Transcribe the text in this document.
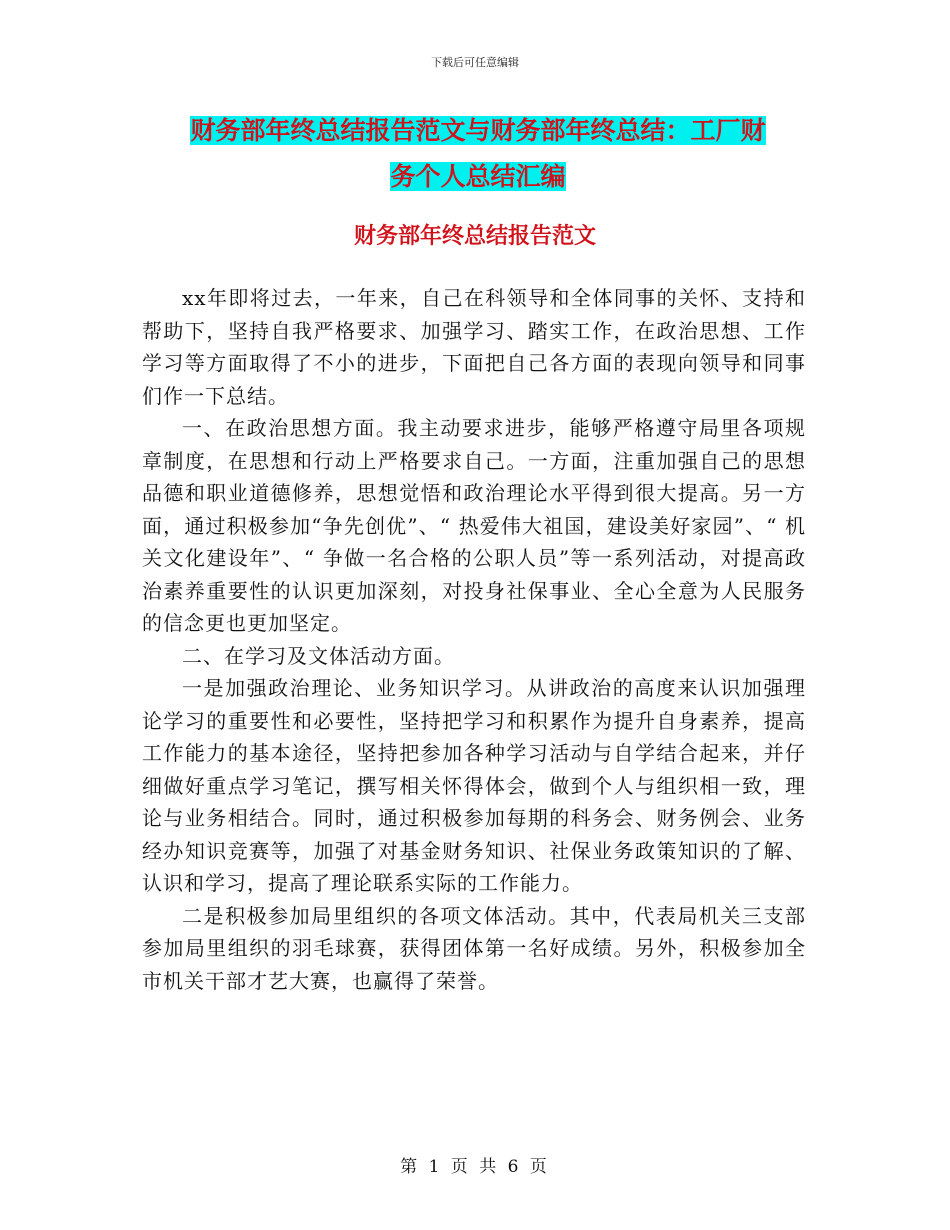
下载后可任意编辑
财务部年终总结报告范文与财务部年终总结：工厂财
务个人总结汇编
财务部年终总结报告范文

xx年即将过去，一年来，自己在科领导和全体同事的关怀、支持和帮助下，坚持自我严格要求、加强学习、踏实工作，在政治思想、工作学习等方面取得了不小的进步，下面把自己各方面的表现向领导和同事们作一下总结。

一、在政治思想方面。我主动要求进步，能够严格遵守局里各项规章制度，在思想和行动上严格要求自己。一方面，注重加强自己的思想品德和职业道德修养，思想觉悟和政治理论水平得到很大提高。另一方面，通过积极参加“争先创优”、“ 热爱伟大祖国，建设美好家园”、“ 机关文化建设年”、“ 争做一名合格的公职人员”等一系列活动，对提高政治素养重要性的认识更加深刻，对投身社保事业、全心全意为人民服务的信念更也更加坚定。

二、在学习及文体活动方面。

一是加强政治理论、业务知识学习。从讲政治的高度来认识加强理论学习的重要性和必要性，坚持把学习和积累作为提升自身素养，提高工作能力的基本途径，坚持把参加各种学习活动与自学结合起来，并仔细做好重点学习笔记，撰写相关怀得体会，做到个人与组织相一致，理论与业务相结合。同时，通过积极参加每期的科务会、财务例会、业务经办知识竞赛等，加强了对基金财务知识、社保业务政策知识的了解、认识和学习，提高了理论联系实际的工作能力。

二是积极参加局里组织的各项文体活动。其中，代表局机关三支部参加局里组织的羽毛球赛，获得团体第一名好成绩。另外，积极参加全市机关干部才艺大赛，也赢得了荣誉。

第 1 页 共 6 页
